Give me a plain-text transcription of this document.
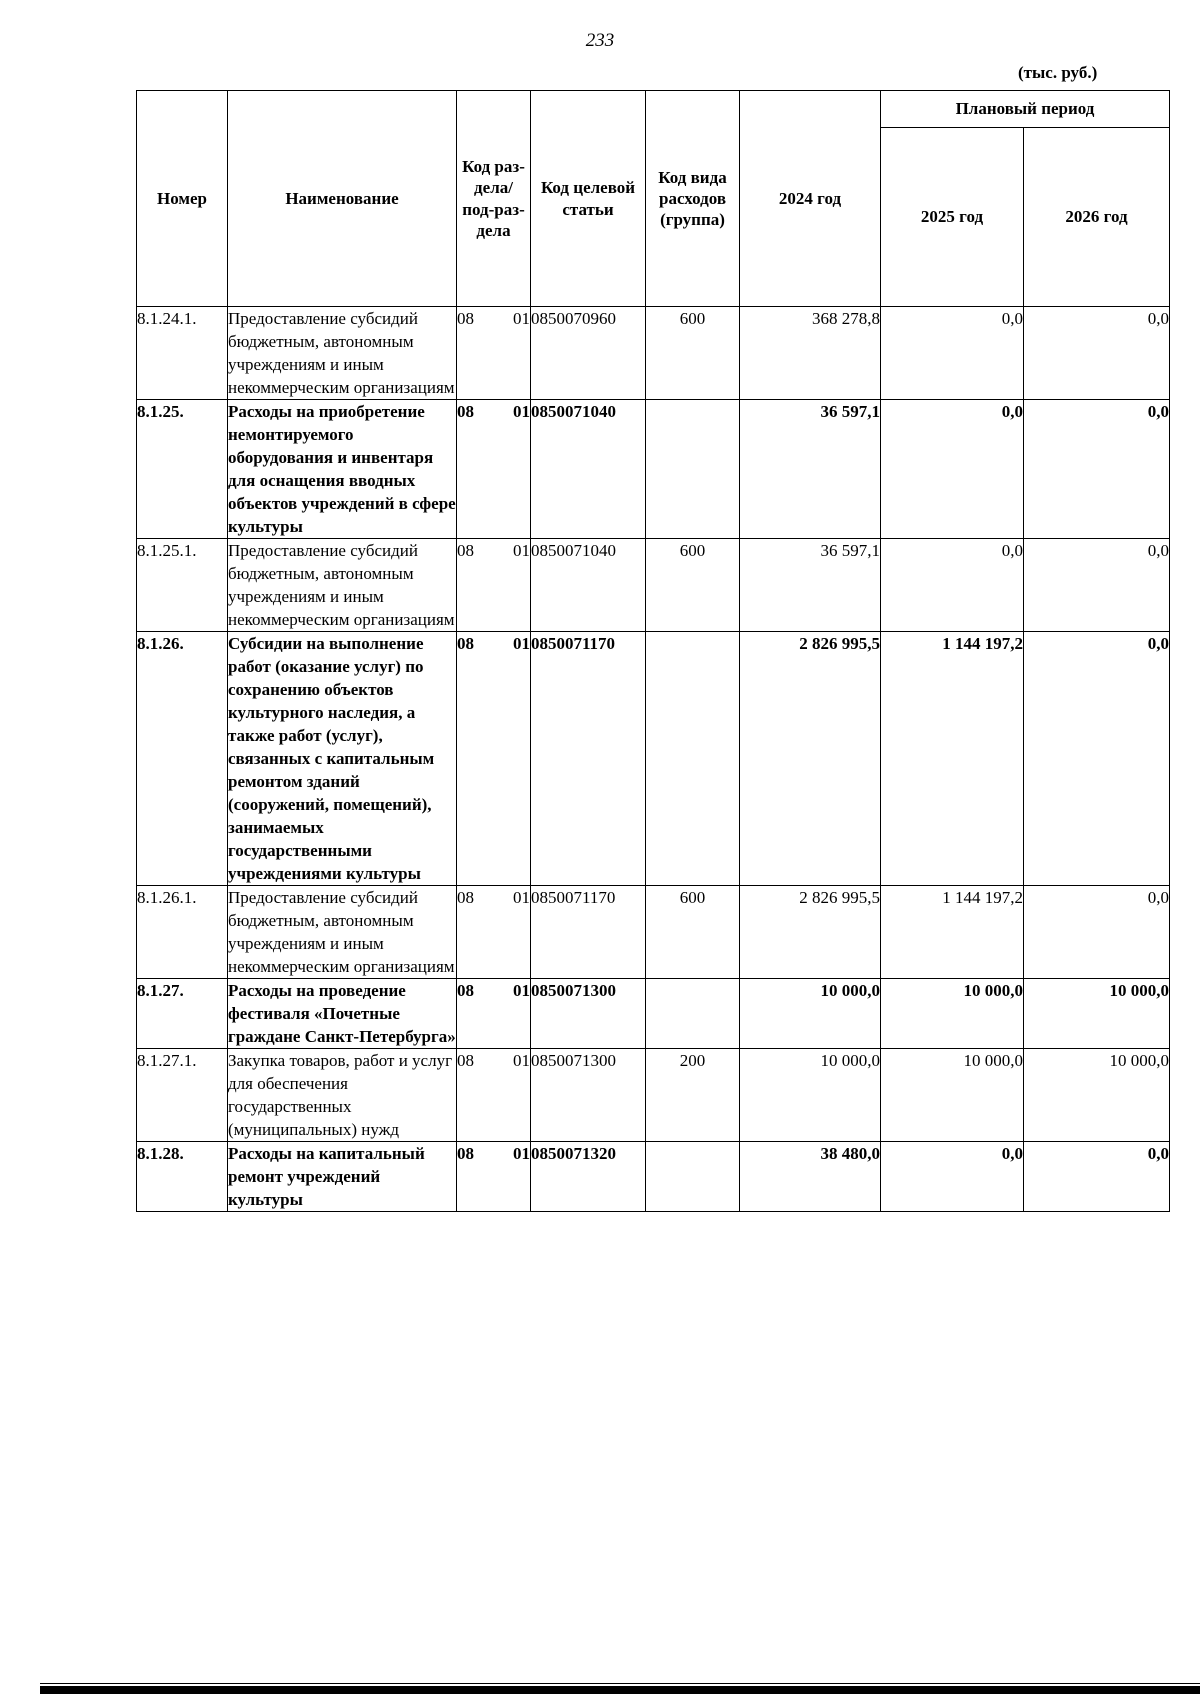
233
(тыс. руб.)
Номер	Наименование	Код раз-дела/ под-раз-дела	Код целевой статьи	Код вида расходов (группа)	2024 год	Плановый период	
						2025 год	2026 год
8.1.24.1.	Предоставление субсидий бюджетным, автономным учреждениям и иным некоммерческим организациям	08 01	0850070960	600	368 278,8	0,0	0,0
8.1.25.	Расходы на приобретение немонтируемого оборудования и инвентаря для оснащения вводных объектов учреждений в сфере культуры	08 01	0850071040		36 597,1	0,0	0,0
8.1.25.1.	Предоставление субсидий бюджетным, автономным учреждениям и иным некоммерческим организациям	08 01	0850071040	600	36 597,1	0,0	0,0
8.1.26.	Субсидии на выполнение работ (оказание услуг) по сохранению объектов культурного наследия, а также работ (услуг), связанных с капитальным ремонтом зданий (сооружений, помещений), занимаемых государственными учреждениями культуры	08 01	0850071170		2 826 995,5	1 144 197,2	0,0
8.1.26.1.	Предоставление субсидий бюджетным, автономным учреждениям и иным некоммерческим организациям	08 01	0850071170	600	2 826 995,5	1 144 197,2	0,0
8.1.27.	Расходы на проведение фестиваля «Почетные граждане Санкт-Петербурга»	08 01	0850071300		10 000,0	10 000,0	10 000,0
8.1.27.1.	Закупка товаров, работ и услуг для обеспечения государственных (муниципальных) нужд	08 01	0850071300	200	10 000,0	10 000,0	10 000,0
8.1.28.	Расходы на капитальный ремонт учреждений культуры	08 01	0850071320		38 480,0	0,0	0,0
